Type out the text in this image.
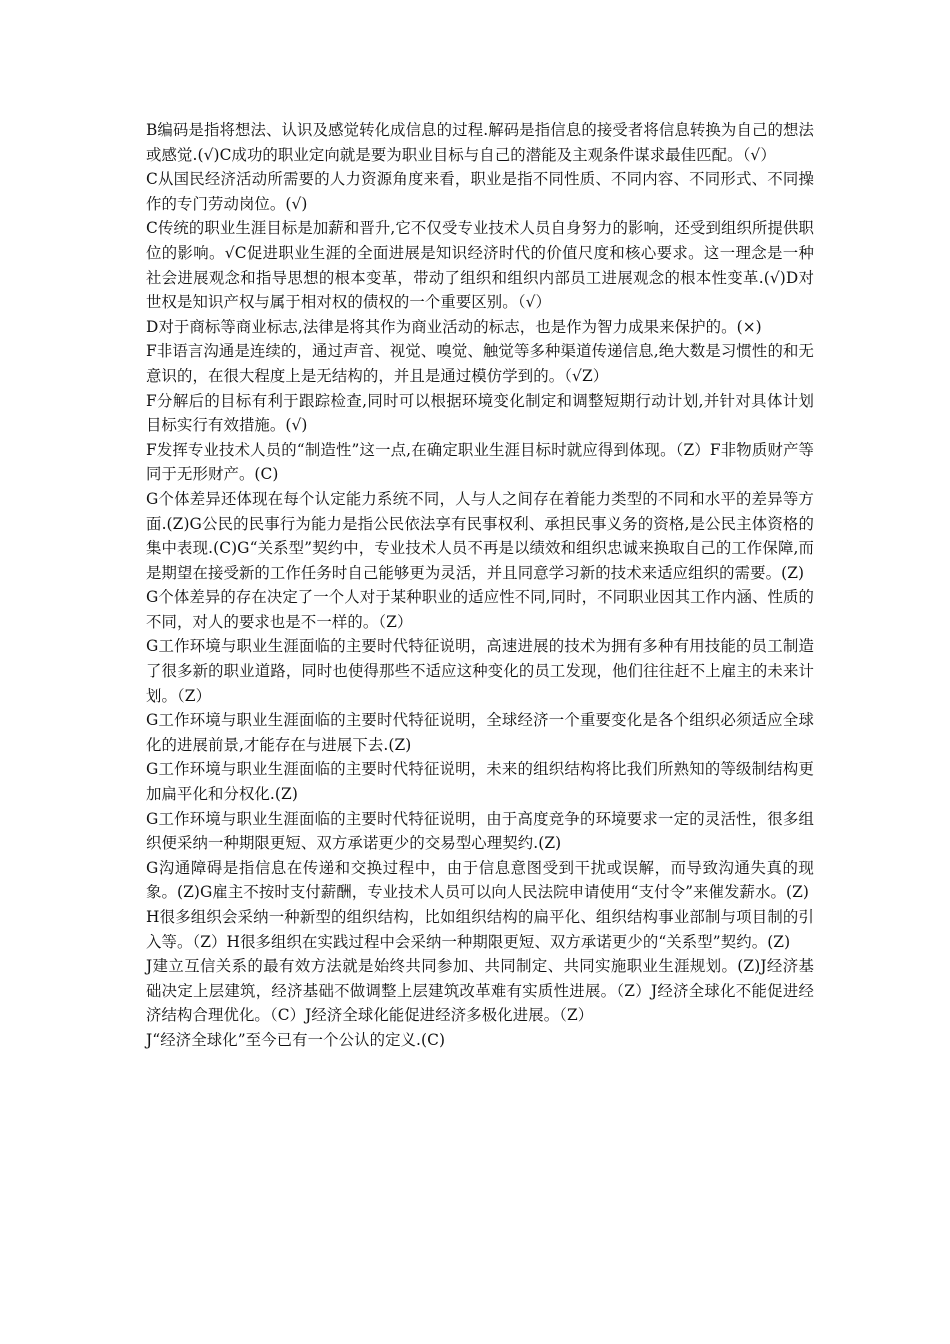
B编码是指将想法、认识及感觉转化成信息的过程.解码是指信息的接受者将信息转换为自己的想法或感觉.(√)C成功的职业定向就是要为职业目标与自己的潜能及主观条件谋求最佳匹配。（√）

C从国民经济活动所需要的人力资源角度来看，职业是指不同性质、不同内容、不同形式、不同操作的专门劳动岗位。(√)

C传统的职业生涯目标是加薪和晋升,它不仅受专业技术人员自身努力的影响，还受到组织所提供职位的影响。√C促进职业生涯的全面进展是知识经济时代的价值尺度和核心要求。这一理念是一种社会进展观念和指导思想的根本变革，带动了组织和组织内部员工进展观念的根本性变革.(√)D对世权是知识产权与属于相对权的债权的一个重要区别。（√）

D对于商标等商业标志,法律是将其作为商业活动的标志，也是作为智力成果来保护的。(×)

F非语言沟通是连续的，通过声音、视觉、嗅觉、触觉等多种渠道传递信息,绝大数是习惯性的和无意识的，在很大程度上是无结构的，并且是通过模仿学到的。（√Z）

F分解后的目标有利于跟踪检查,同时可以根据环境变化制定和调整短期行动计划,并针对具体计划目标实行有效措施。(√)

F发挥专业技术人员的“制造性”这一点,在确定职业生涯目标时就应得到体现。（Z）F非物质财产等同于无形财产。(C)

G个体差异还体现在每个认定能力系统不同，人与人之间存在着能力类型的不同和水平的差异等方面.(Z)G公民的民事行为能力是指公民依法享有民事权利、承担民事义务的资格,是公民主体资格的集中表现.(C)G“关系型”契约中，专业技术人员不再是以绩效和组织忠诚来换取自己的工作保障,而是期望在接受新的工作任务时自己能够更为灵活，并且同意学习新的技术来适应组织的需要。(Z)

G个体差异的存在决定了一个人对于某种职业的适应性不同,同时，不同职业因其工作内涵、性质的不同，对人的要求也是不一样的。（Z）

G工作环境与职业生涯面临的主要时代特征说明，高速进展的技术为拥有多种有用技能的员工制造了很多新的职业道路，同时也使得那些不适应这种变化的员工发现，他们往往赶不上雇主的未来计划。（Z）

G工作环境与职业生涯面临的主要时代特征说明，全球经济一个重要变化是各个组织必须适应全球化的进展前景,才能存在与进展下去.(Z)

G工作环境与职业生涯面临的主要时代特征说明，未来的组织结构将比我们所熟知的等级制结构更加扁平化和分权化.(Z)

G工作环境与职业生涯面临的主要时代特征说明，由于高度竞争的环境要求一定的灵活性，很多组织便采纳一种期限更短、双方承诺更少的交易型心理契约.(Z)

G沟通障碍是指信息在传递和交换过程中，由于信息意图受到干扰或误解，而导致沟通失真的现象。(Z)G雇主不按时支付薪酬，专业技术人员可以向人民法院申请使用“支付令”来催发薪水。(Z)

H很多组织会采纳一种新型的组织结构，比如组织结构的扁平化、组织结构事业部制与项目制的引入等。（Z）H很多组织在实践过程中会采纳一种期限更短、双方承诺更少的“关系型”契约。(Z)

J建立互信关系的最有效方法就是始终共同参加、共同制定、共同实施职业生涯规划。(Z)J经济基础决定上层建筑，经济基础不做调整上层建筑改革难有实质性进展。（Z）J经济全球化不能促进经济结构合理优化。（C）J经济全球化能促进经济多极化进展。（Z）

J“经济全球化”至今已有一个公认的定义.(C)
